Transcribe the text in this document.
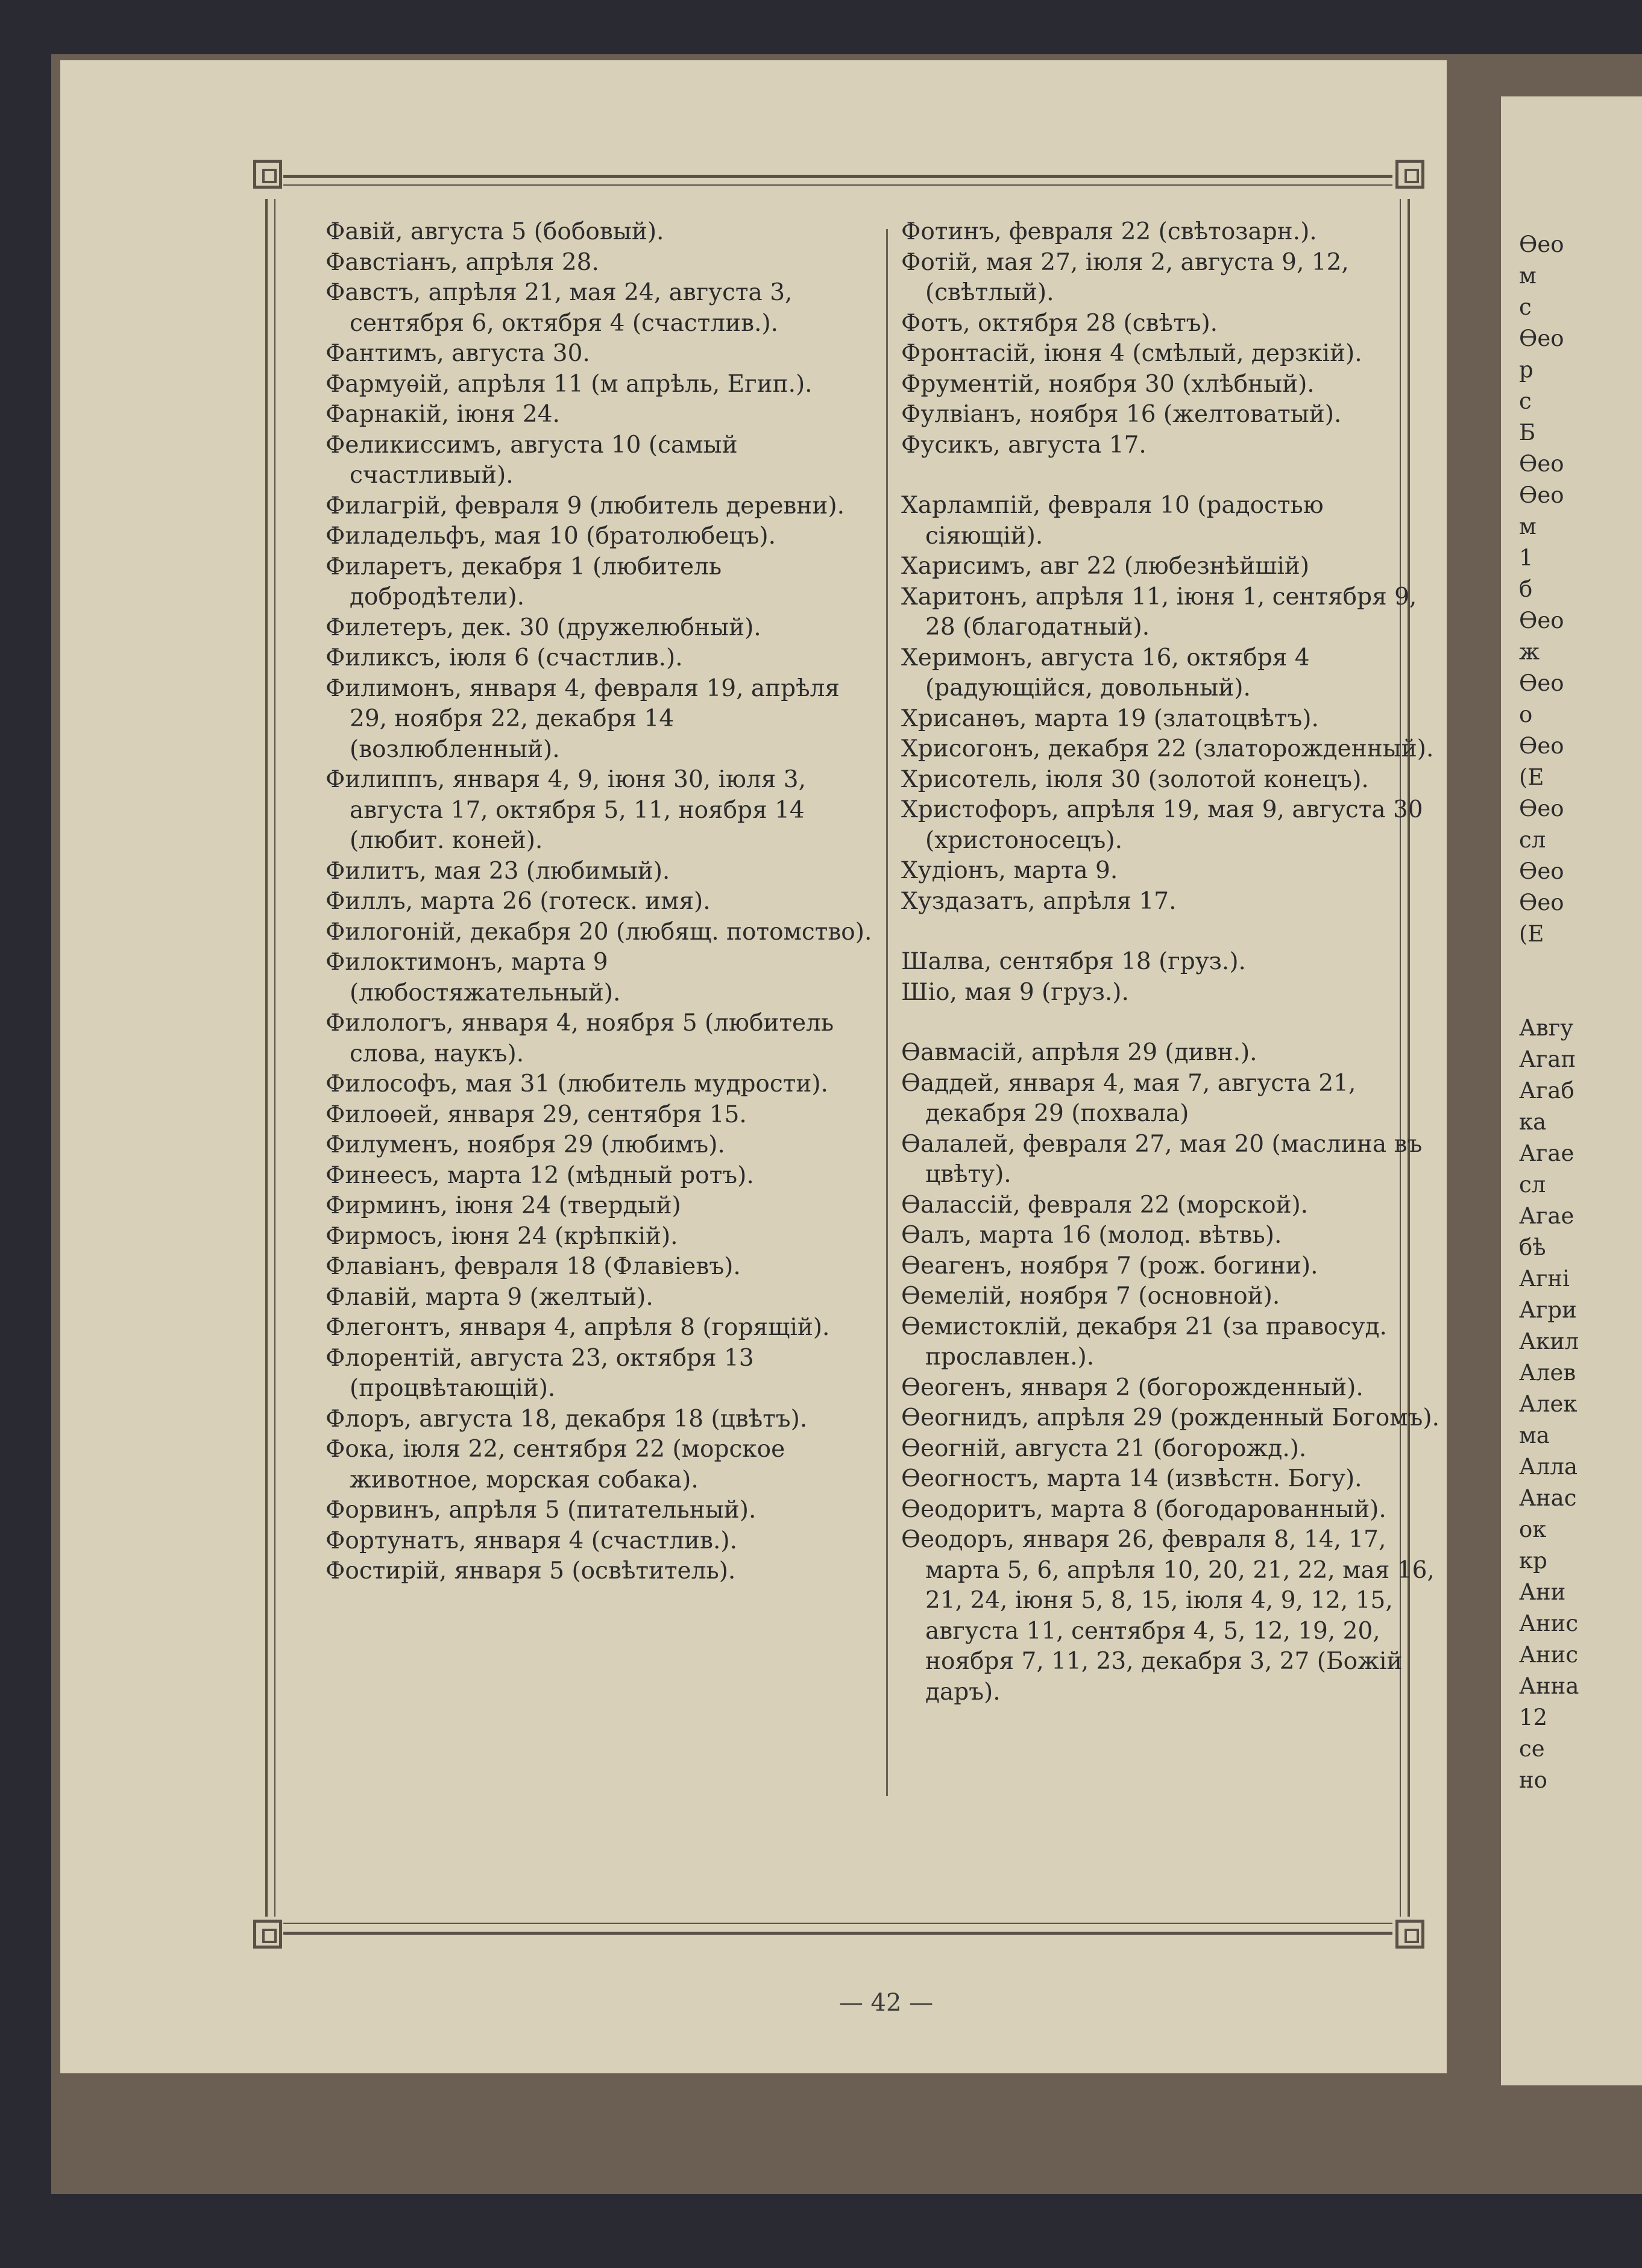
Фавій, августа 5 (бобовый).
Фавстіанъ, апрѣля 28.
Фавстъ, апрѣля 21, мая 24, августа 3, сентября 6, октября 4 (счастлив.).
Фантимъ, августа 30.
Фармуѳій, апрѣля 11 (м апрѣль, Егип.).
Фарнакій, іюня 24.
Феликиссимъ, августа 10 (самый счастливый).
Филагрій, февраля 9 (любитель деревни).
Филадельфъ, мая 10 (братолюбецъ).
Филаретъ, декабря 1 (любитель добродѣтели).
Филетеръ, дек. 30 (дружелюбный).
Филиксъ, іюля 6 (счастлив.).
Филимонъ, января 4, февраля 19, апрѣля 29, ноября 22, декабря 14 (возлюбленный).
Филиппъ, января 4, 9, іюня 30, іюля 3, августа 17, октября 5, 11, ноября 14 (любит. коней).
Филитъ, мая 23 (любимый).
Филлъ, марта 26 (готеск. имя).
Филогоній, декабря 20 (любящ. потомство).
Филоктимонъ, марта 9 (любостяжательный).
Филологъ, января 4, ноября 5 (любитель слова, наукъ).
Философъ, мая 31 (любитель мудрости).
Филоѳей, января 29, сентября 15.
Филуменъ, ноября 29 (любимъ).
Финеесъ, марта 12 (мѣдный ротъ).
Фирминъ, іюня 24 (твердый)
Фирмосъ, іюня 24 (крѣпкій).
Флавіанъ, февраля 18 (Флавіевъ).
Флавій, марта 9 (желтый).
Флегонтъ, января 4, апрѣля 8 (горящій).
Флорентій, августа 23, октября 13 (процвѣтающій).
Флоръ, августа 18, декабря 18 (цвѣтъ).
Фока, іюля 22, сентября 22 (морское животное, морская собака).
Форвинъ, апрѣля 5 (питательный).
Фортунатъ, января 4 (счастлив.).
Фостирій, января 5 (освѣтитель).
Фотинъ, февраля 22 (свѣтозарн.).
Фотій, мая 27, іюля 2, августа 9, 12, (свѣтлый).
Фотъ, октября 28 (свѣтъ).
Фронтасій, іюня 4 (смѣлый, дерзкій).
Фрументій, ноября 30 (хлѣбный).
Фулвіанъ, ноября 16 (желтоватый).
Фусикъ, августа 17.
Харлампій, февраля 10 (радостью сіяющій).
Харисимъ, авг 22 (любезнѣйшій)
Харитонъ, апрѣля 11, іюня 1, сентября 9, 28 (благодатный).
Херимонъ, августа 16, октября 4 (радующійся, довольный).
Хрисанѳъ, марта 19 (златоцвѣтъ).
Хрисогонъ, декабря 22 (златорожденный).
Хрисотель, іюля 30 (золотой конецъ).
Христофоръ, апрѣля 19, мая 9, августа 30 (христоносецъ).
Худіонъ, марта 9.
Хуздазатъ, апрѣля 17.
Шалва, сентября 18 (груз.).
Шіо, мая 9 (груз.).
Ѳавмасій, апрѣля 29 (дивн.).
Ѳаддей, января 4, мая 7, августа 21, декабря 29 (похвала)
Ѳалалей, февраля 27, мая 20 (маслина въ цвѣту).
Ѳалассій, февраля 22 (морской).
Ѳалъ, марта 16 (молод. вѣтвь).
Ѳеагенъ, ноября 7 (рож. богини).
Ѳемелій, ноября 7 (основной).
Ѳемистоклій, декабря 21 (за правосуд. прославлен.).
Ѳеогенъ, января 2 (богорожденный).
Ѳеогнидъ, апрѣля 29 (рожденный Богомъ).
Ѳеогній, августа 21 (богорожд.).
Ѳеогностъ, марта 14 (извѣстн. Богу).
Ѳеодоритъ, марта 8 (богодарованный).
Ѳеодоръ, января 26, февраля 8, 14, 17, марта 5, 6, апрѣля 10, 20, 21, 22, мая 16, 21, 24, іюня 5, 8, 15, іюля 4, 9, 12, 15, августа 11, сентября 4, 5, 12, 19, 20, ноября 7, 11, 23, декабря 3, 27 (Божій даръ).
— 42 —
Ѳео
м
с
Ѳео
р
с
Б
Ѳео
Ѳео
м
1
б
Ѳео
ж
Ѳео
о
Ѳео
(Е
Ѳео
сл
Ѳео
Ѳео
(Е
Авгу
Агап
Агаб
ка
Агае
сл
Агае
бѣ
Агні
Агри
Акил
Алев
Алек
ма
Алла
Анас
ок
кр
Ани
Анис
Анис
Анна
12
се
но
